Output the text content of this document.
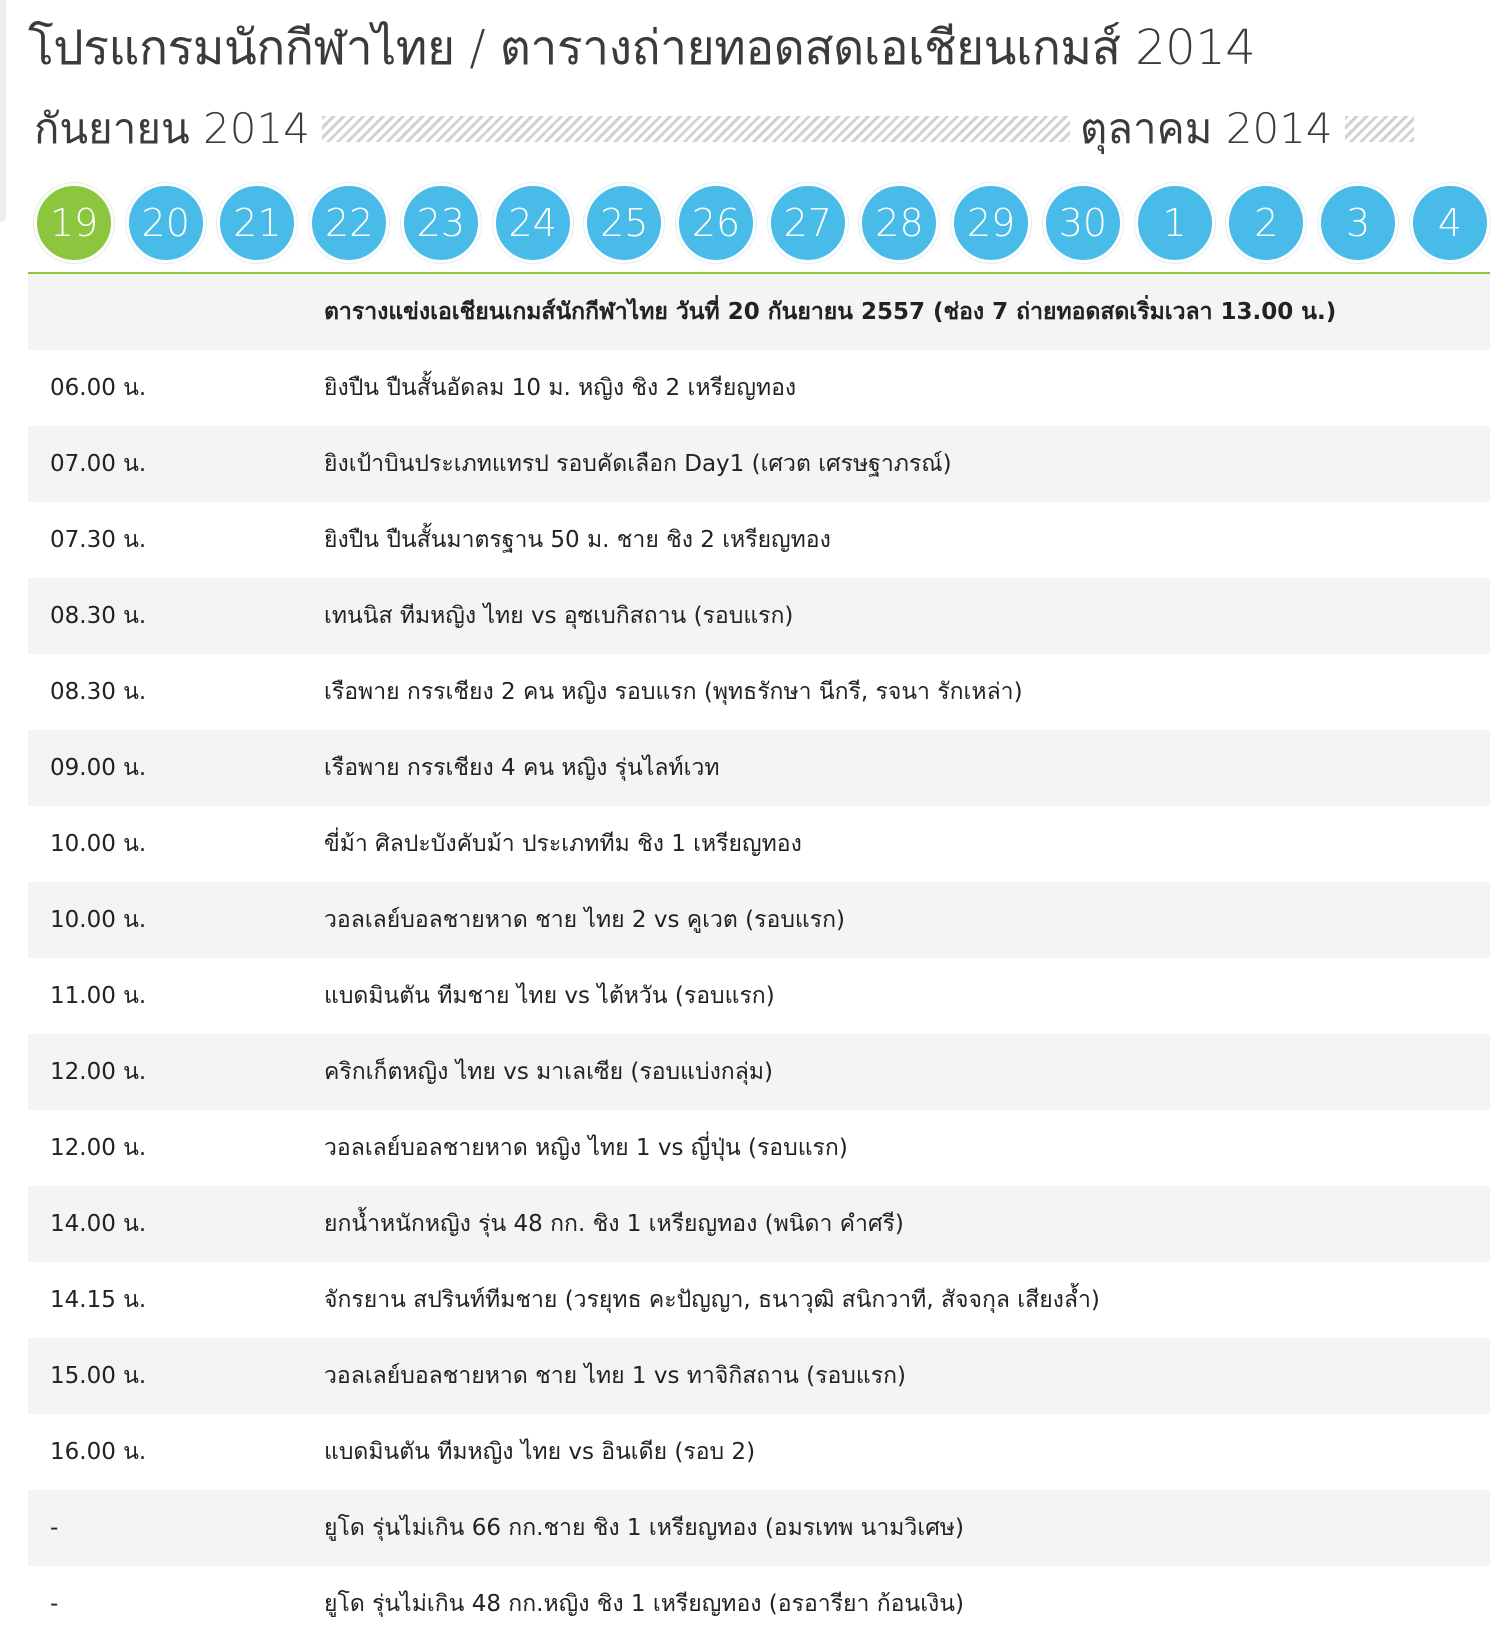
โปรแกรมนักกีฬาไทย / ตารางถ่ายทอดสดเอเชียนเกมส์ 2014
กันยายน 2014	ตุลาคม 2014
19	20	21	22	23	24	25	26	27	28	29	30	1	2	3	4
ตารางแข่งเอเชียนเกมส์นักกีฬาไทย วันที่ 20 กันยายน 2557 (ช่อง 7 ถ่ายทอดสดเริ่มเวลา 13.00 น.)
06.00 น.	ยิงปืน ปืนสั้นอัดลม 10 ม. หญิง ชิง 2 เหรียญทอง
07.00 น.	ยิงเป้าบินประเภทแทรป รอบคัดเลือก Day1 (เศวต เศรษฐาภรณ์)
07.30 น.	ยิงปืน ปืนสั้นมาตรฐาน 50 ม. ชาย ชิง 2 เหรียญทอง
08.30 น.	เทนนิส ทีมหญิง ไทย vs อุซเบกิสถาน (รอบแรก)
08.30 น.	เรือพาย กรรเชียง 2 คน หญิง รอบแรก (พุทธรักษา นีกรี, รจนา รักเหล่า)
09.00 น.	เรือพาย กรรเชียง 4 คน หญิง รุ่นไลท์เวท
10.00 น.	ขี่ม้า ศิลปะบังคับม้า ประเภททีม ชิง 1 เหรียญทอง
10.00 น.	วอลเลย์บอลชายหาด ชาย ไทย 2 vs คูเวต (รอบแรก)
11.00 น.	แบดมินตัน ทีมชาย ไทย vs ไต้หวัน (รอบแรก)
12.00 น.	คริกเก็ตหญิง ไทย vs มาเลเซีย (รอบแบ่งกลุ่ม)
12.00 น.	วอลเลย์บอลชายหาด หญิง ไทย 1 vs ญี่ปุ่น (รอบแรก)
14.00 น.	ยกน้ำหนักหญิง รุ่น 48 กก. ชิง 1 เหรียญทอง (พนิดา คำศรี)
14.15 น.	จักรยาน สปรินท์ทีมชาย (วรยุทธ คะปัญญา, ธนาวุฒิ สนิกวาที, สัจจกุล เสียงล้ำ)
15.00 น.	วอลเลย์บอลชายหาด ชาย ไทย 1 vs ทาจิกิสถาน (รอบแรก)
16.00 น.	แบดมินตัน ทีมหญิง ไทย vs อินเดีย (รอบ 2)
-	ยูโด รุ่นไม่เกิน 66 กก.ชาย ชิง 1 เหรียญทอง (อมรเทพ นามวิเศษ)
-	ยูโด รุ่นไม่เกิน 48 กก.หญิง ชิง 1 เหรียญทอง (อรอารียา ก้อนเงิน)
